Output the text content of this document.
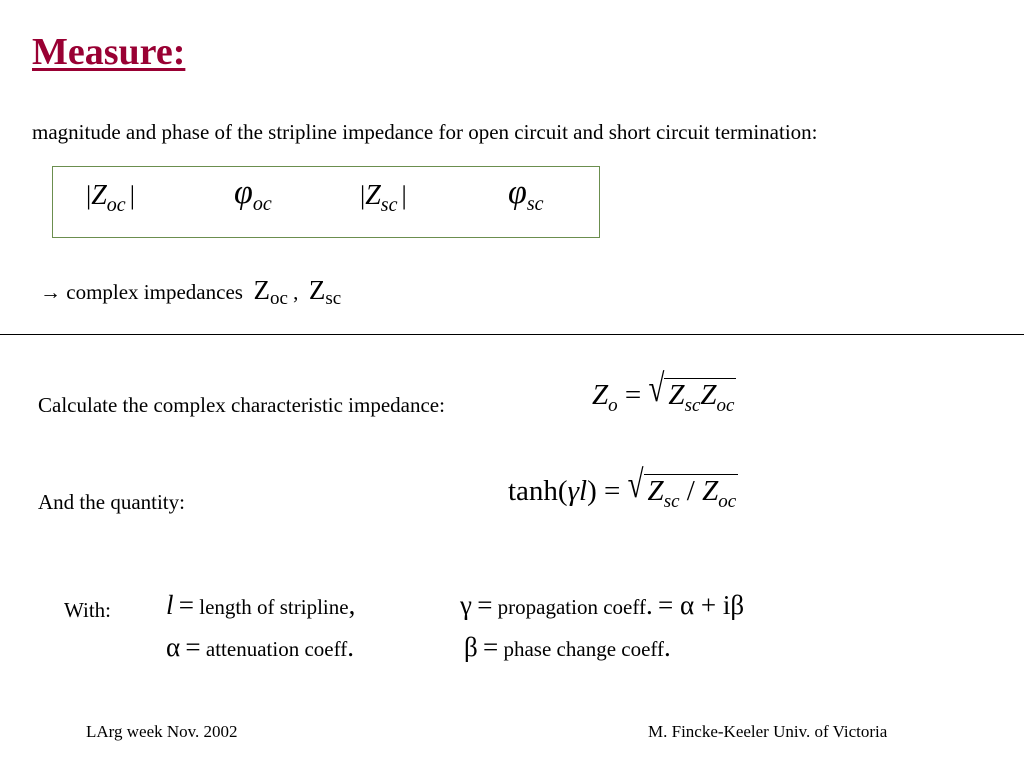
Measure:
magnitude and phase of the stripline impedance for open circuit and short circuit termination:
|Zoc |	φoc	|Zsc |	φsc
→ complex impedances Zoc , Zsc
Calculate the complex characteristic impedance:	$Z_o$ = √ $Z_{sc}Z_{oc}$
And the quantity:	tanh(γl) = √ $Z_{sc} / Z_{oc}$
With: l = length of stripline,	γ = propagation coeff. = α + iβ
α = attenuation coeff.	β = phase change coeff.
LArg week Nov. 2002	M. Fincke-Keeler Univ. of Victoria
